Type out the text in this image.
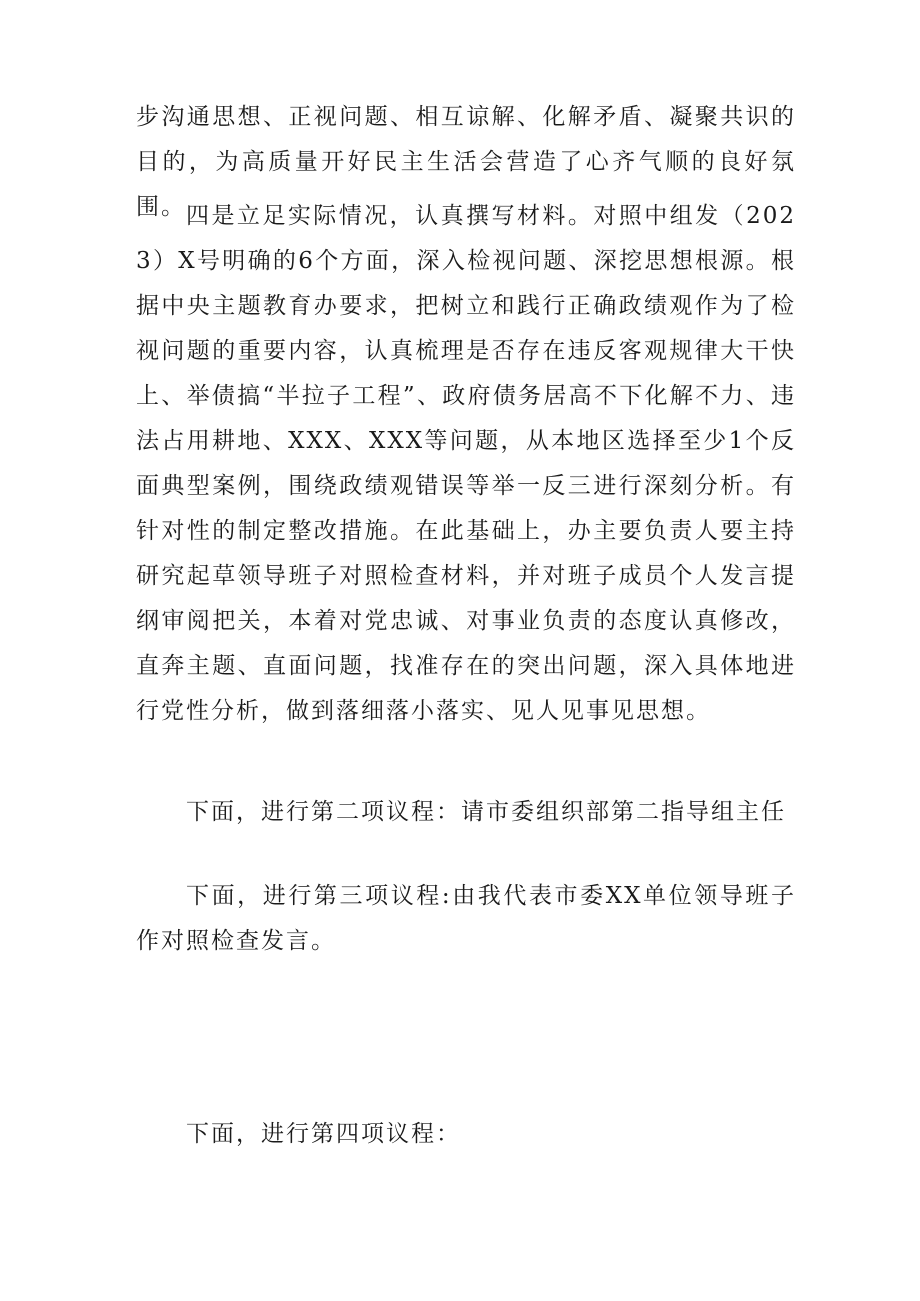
步沟通思想、正视问题、相互谅解、化解矛盾、凝聚共识的目的，为高质量开好民主生活会营造了心齐气顺的良好氛围。 四是立足实际情况，认真撰写材料。对照中组发（2023）X号明确的6个方面，深入检视问题、深挖思想根源。根据中央主题教育办要求，把树立和践行正确政绩观作为了检视问题的重要内容，认真梳理是否存在违反客观规律大干快上、举债搞“半拉子工程”、政府债务居高不下化解不力、违法占用耕地、XXX、XXX等问题，从本地区选择至少1个反面典型案例，围绕政绩观错误等举一反三进行深刻分析。有针对性的制定整改措施。在此基础上，办主要负责人要主持研究起草领导班子对照检查材料，并对班子成员个人发言提纲审阅把关，本着对党忠诚、对事业负责的态度认真修改，直奔主题、直面问题，找准存在的突出问题，深入具体地进行党性分析，做到落细落小落实、见人见事见思想。

下面，进行第二项议程：请市委组织部第二指导组主任

下面，进行第三项议程:由我代表市委XX单位领导班子作对照检查发言。

下面，进行第四项议程：
